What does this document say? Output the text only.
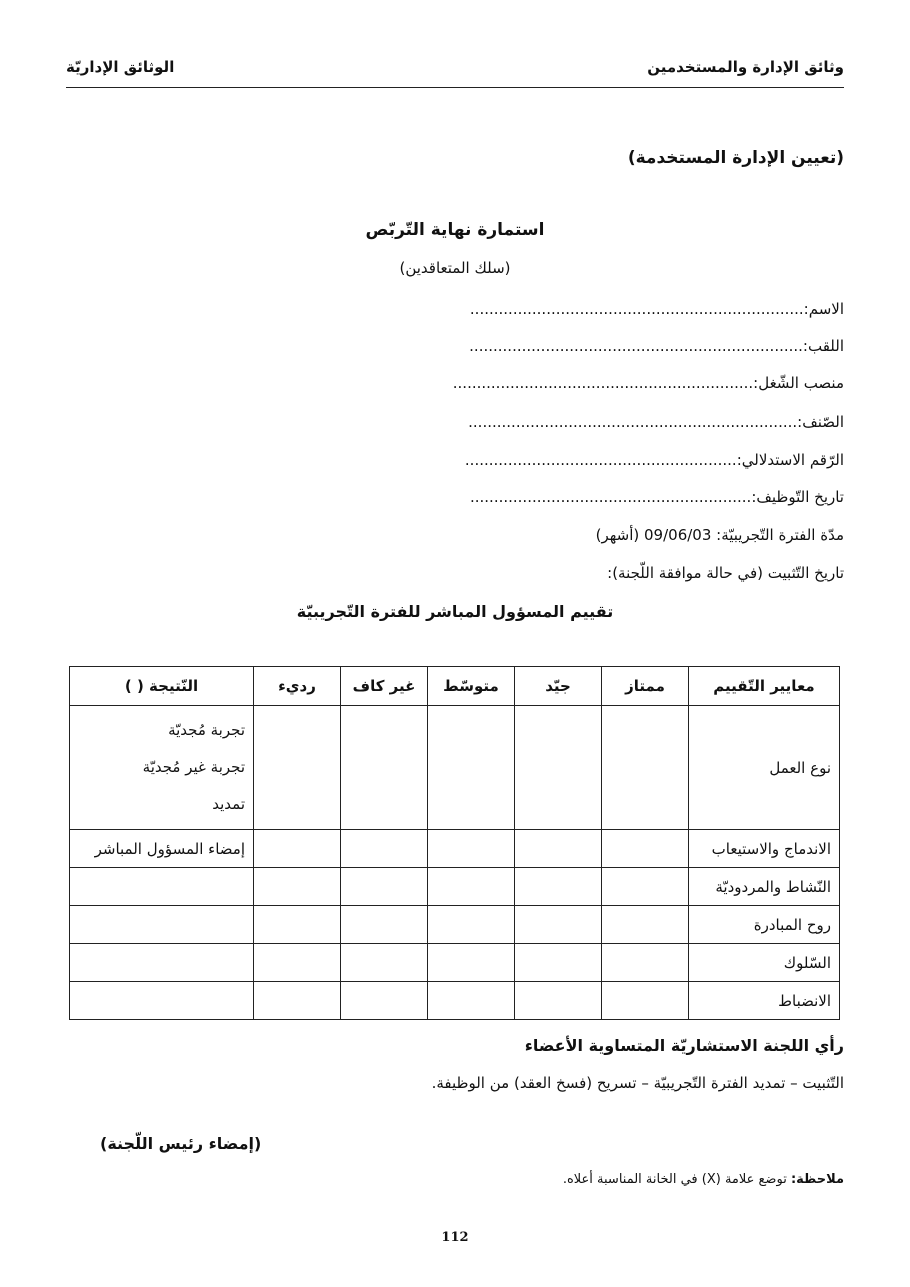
وثائق الإدارة والمستخدمين
الوثائق الإداريّة
(تعيين الإدارة المستخدمة)
استمارة نهاية التّربّص
(سلك المتعاقدين)
الاسم:......................................................................
اللقب:......................................................................
منصب الشّغل:...............................................................
الصّنف:.....................................................................
الرّقم الاستدلالي:.........................................................
تاريخ التّوظيف:...........................................................
مدّة الفترة التّجريبيّة: 09/06/03 (أشهر)
تاريخ التّثبيت (في حالة موافقة اللّجنة):
تقييم المسؤول المباشر للفترة التّجريبيّة
معايير التّقييم	ممتاز	جيّد	متوسّط	غير كاف	رديء	النّتيجة ( )
نوع العمل						تجربة مُجديّة
تجربة غير مُجديّة
تمديد

الاندماج والاستيعاب						إمضاء المسؤول المباشر
النّشاط والمردوديّة						
روح المبادرة						
السّلوك						
الانضباط						
رأي اللجنة الاستشاريّة المتساوية الأعضاء
التّثبيت – تمديد الفترة التّجريبيّة – تسريح (فسخ العقد) من الوظيفة.
(إمضاء رئيس اللّجنة)
ملاحظة: توضع علامة (X) في الخانة المناسبة أعلاه.
112
